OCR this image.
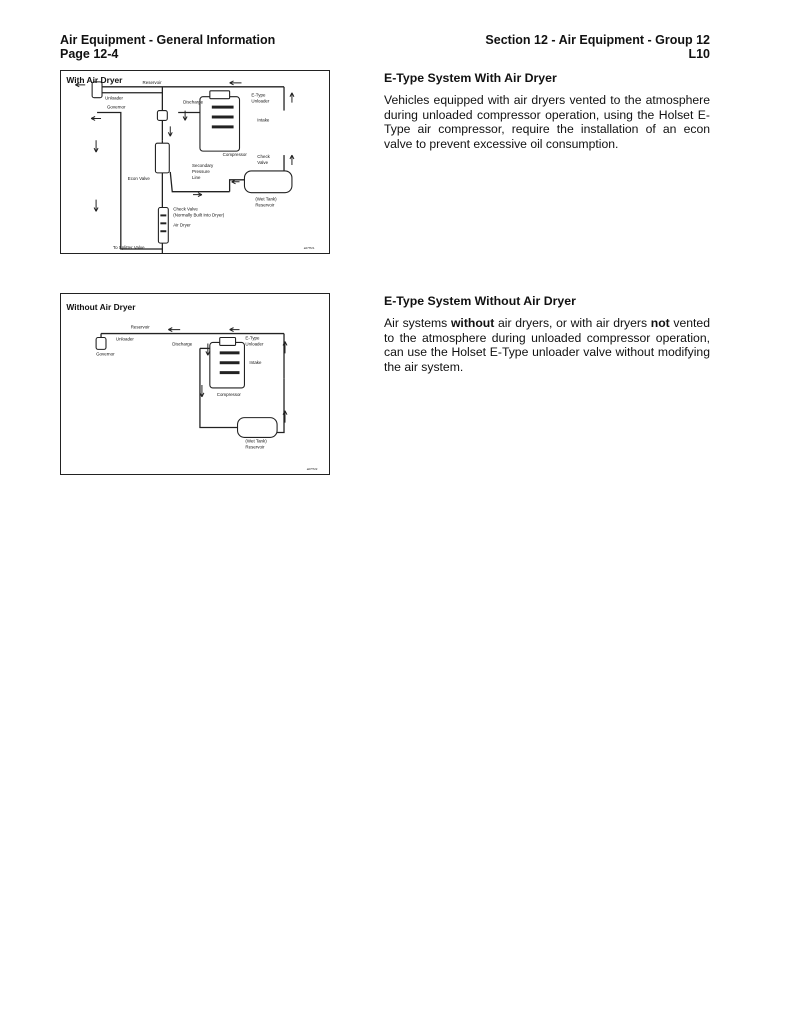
Air Equipment - General Information
Page 12-4
Section 12 - Air Equipment - Group 12
L10
With Air Dryer	Reservoir
Unloader
Governor
Discharge
E-Type
Unloader
Intake
Compressor Check
Valve
Secondary
Pressure
Line
Econ Valve
(Wet Tank)
Reservoir
Check Valve
(Normally Built Into Dryer)
Air Dryer
To Splitter Valve	a07f721
Without Air Dryer
Reservoir
Unloader
Governor
Discharge
E-Type
Unloader
Intake
Compressor
(Wet Tank)
Reservoir
a07f722
E-Type System With Air Dryer

Vehicles equipped with air dryers vented to the atmosphere during unloaded compressor operation, using the Holset E-Type air compressor, require the installation of an econ valve to prevent excessive oil consumption.

E-Type System Without Air Dryer

Air systems without air dryers, or with air dryers not vented to the atmosphere during unloaded compressor operation, can use the Holset E-Type unloader valve without modifying the air system.
